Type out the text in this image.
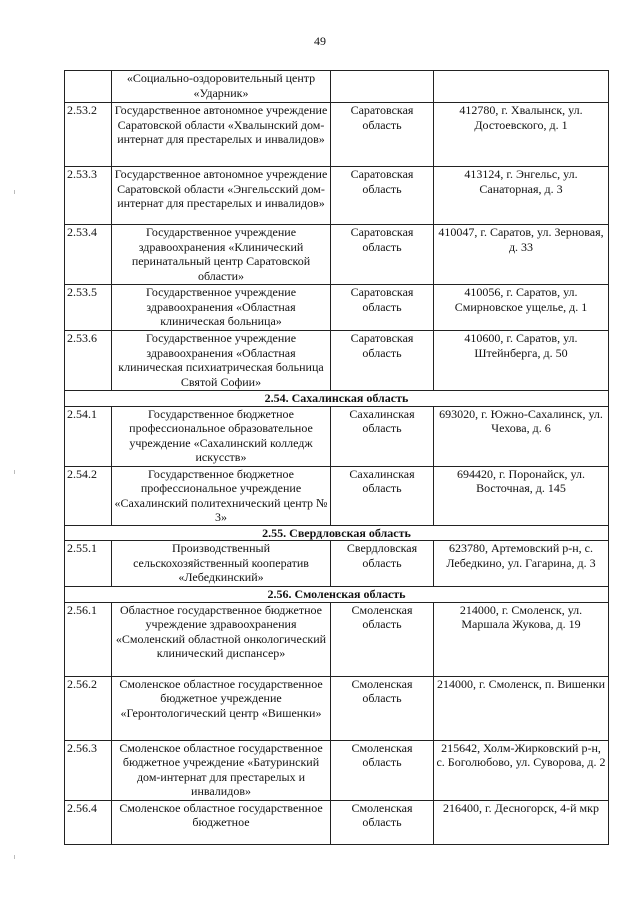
49
	«Социально-оздоровительный центр «Ударник»		
2.53.2	Государственное автономное учреждение Саратовской области «Хвалынский дом-интернат для престарелых и инвалидов»	Саратовская область	412780, г. Хвалынск, ул. Достоевского, д. 1
2.53.3	Государственное автономное учреждение Саратовской области «Энгельсский дом-интернат для престарелых и инвалидов»	Саратовская область	413124, г. Энгельс, ул. Санаторная, д. 3
2.53.4	Государственное учреждение здравоохранения «Клинический перинатальный центр Саратовской области»	Саратовская область	410047, г. Саратов, ул. Зерновая, д. 33
2.53.5	Государственное учреждение здравоохранения «Областная клиническая больница»	Саратовская область	410056, г. Саратов, ул. Смирновское ущелье, д. 1
2.53.6	Государственное учреждение здравоохранения «Областная клиническая психиатрическая больница Святой Софии»	Саратовская область	410600, г. Саратов, ул. Штейнберга, д. 50
2.54. Сахалинская область			
2.54.1	Государственное бюджетное профессиональное образовательное учреждение «Сахалинский колледж искусств»	Сахалинская область	693020, г. Южно-Сахалинск, ул. Чехова, д. 6
2.54.2	Государственное бюджетное профессиональное учреждение «Сахалинский политехнический центр № 3»	Сахалинская область	694420, г. Поронайск, ул. Восточная, д. 145
2.55. Свердловская область			
2.55.1	Производственный сельскохозяйственный кооператив «Лебедкинский»	Свердловская область	623780, Артемовский р-н, с. Лебедкино, ул. Гагарина, д. 3
2.56. Смоленская область			
2.56.1	Областное государственное бюджетное учреждение здравоохранения «Смоленский областной онкологический клинический диспансер»	Смоленская область	214000, г. Смоленск, ул. Маршала Жукова, д. 19
2.56.2	Смоленское областное государственное бюджетное учреждение «Геронтологический центр «Вишенки»	Смоленская область	214000, г. Смоленск, п. Вишенки
2.56.3	Смоленское областное государственное бюджетное учреждение «Батуринский дом-интернат для престарелых и инвалидов»	Смоленская область	215642, Холм-Жирковский р-н, с. Боголюбово, ул. Суворова, д. 2
2.56.4	Смоленское областное государственное бюджетное	Смоленская область	216400, г. Десногорск, 4-й мкр
